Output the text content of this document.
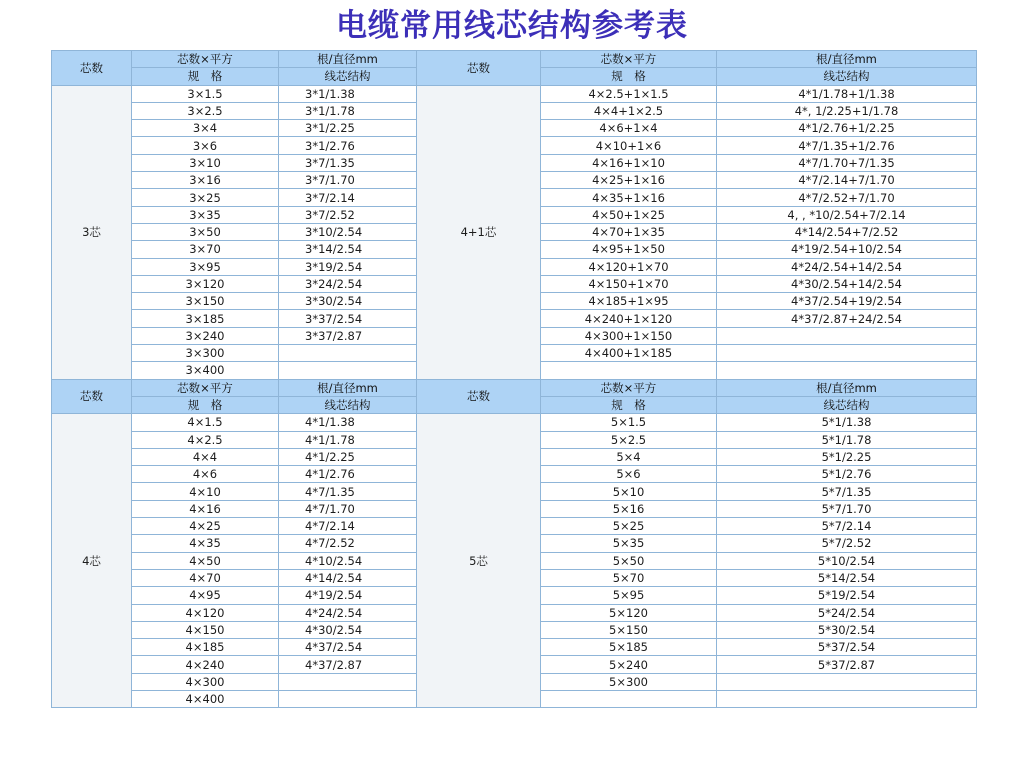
电缆常用线芯结构参考表
芯数	芯数×平方	根/直径mm	芯数	芯数×平方	根/直径mm
	规　格	线芯结构		规　格	线芯结构
3芯	3×1.5	3*1/1.38	4+1芯	4×2.5+1×1.5	4*1/1.78+1/1.38
	3×2.5	3*1/1.78		4×4+1×2.5	4*, 1/2.25+1/1.78
	3×4	3*1/2.25		4×6+1×4	4*1/2.76+1/2.25
	3×6	3*1/2.76		4×10+1×6	4*7/1.35+1/2.76
	3×10	3*7/1.35		4×16+1×10	4*7/1.70+7/1.35
	3×16	3*7/1.70		4×25+1×16	4*7/2.14+7/1.70
	3×25	3*7/2.14		4×35+1×16	4*7/2.52+7/1.70
	3×35	3*7/2.52		4×50+1×25	4, , *10/2.54+7/2.14
	3×50	3*10/2.54		4×70+1×35	4*14/2.54+7/2.52
	3×70	3*14/2.54		4×95+1×50	4*19/2.54+10/2.54
	3×95	3*19/2.54		4×120+1×70	4*24/2.54+14/2.54
	3×120	3*24/2.54		4×150+1×70	4*30/2.54+14/2.54
	3×150	3*30/2.54		4×185+1×95	4*37/2.54+19/2.54
	3×185	3*37/2.54		4×240+1×120	4*37/2.87+24/2.54
	3×240	3*37/2.87		4×300+1×150	
	3×300			4×400+1×185	
	3×400				
芯数	芯数×平方	根/直径mm	芯数	芯数×平方	根/直径mm
	规　格	线芯结构		规　格	线芯结构
4芯	4×1.5	4*1/1.38	5芯	5×1.5	5*1/1.38
	4×2.5	4*1/1.78		5×2.5	5*1/1.78
	4×4	4*1/2.25		5×4	5*1/2.25
	4×6	4*1/2.76		5×6	5*1/2.76
	4×10	4*7/1.35		5×10	5*7/1.35
	4×16	4*7/1.70		5×16	5*7/1.70
	4×25	4*7/2.14		5×25	5*7/2.14
	4×35	4*7/2.52		5×35	5*7/2.52
	4×50	4*10/2.54		5×50	5*10/2.54
	4×70	4*14/2.54		5×70	5*14/2.54
	4×95	4*19/2.54		5×95	5*19/2.54
	4×120	4*24/2.54		5×120	5*24/2.54
	4×150	4*30/2.54		5×150	5*30/2.54
	4×185	4*37/2.54		5×185	5*37/2.54
	4×240	4*37/2.87		5×240	5*37/2.87
	4×300			5×300	
	4×400				
